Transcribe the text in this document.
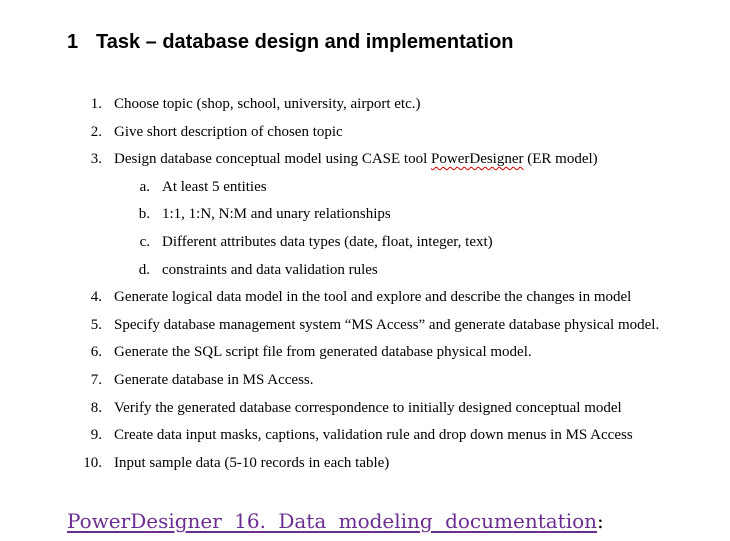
1 Task – database design and implementation
1. Choose topic (shop, school, university, airport etc.)
2. Give short description of chosen topic
3. Design database conceptual model using CASE tool PowerDesigner (ER model)
a. At least 5 entities
b. 1:1, 1:N, N:M and unary relationships
c. Different attributes data types (date, float, integer, text)
d. constraints and data validation rules
4. Generate logical data model in the tool and explore and describe the changes in model
5. Specify database management system “MS Access” and generate database physical model.
6. Generate the SQL script file from generated database physical model.
7. Generate database in MS Access.
8. Verify the generated database correspondence to initially designed conceptual model
9. Create data input masks, captions, validation rule and drop down menus in MS Access
10. Input sample data (5-10 records in each table)
PowerDesigner 16. Data modeling documentation:
